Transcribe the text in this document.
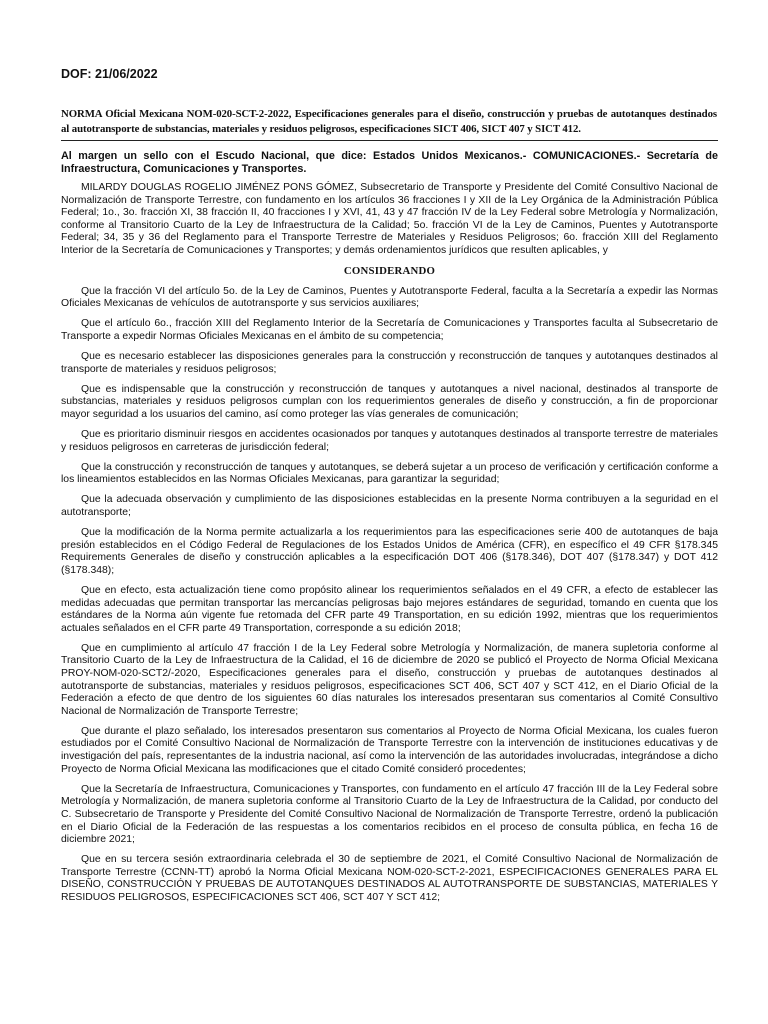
DOF: 21/06/2022
NORMA Oficial Mexicana NOM-020-SCT-2-2022, Especificaciones generales para el diseño, construcción y pruebas de autotanques destinados al autotransporte de substancias, materiales y residuos peligrosos, especificaciones SICT 406, SICT 407 y SICT 412.

Al margen un sello con el Escudo Nacional, que dice: Estados Unidos Mexicanos.- COMUNICACIONES.- Secretaría de Infraestructura, Comunicaciones y Transportes.

MILARDY DOUGLAS ROGELIO JIMÉNEZ PONS GÓMEZ, Subsecretario de Transporte y Presidente del Comité Consultivo Nacional de Normalización de Transporte Terrestre, con fundamento en los artículos 36 fracciones I y XII de la Ley Orgánica de la Administración Pública Federal; 1o., 3o. fracción XI, 38 fracción II, 40 fracciones I y XVI, 41, 43 y 47 fracción IV de la Ley Federal sobre Metrología y Normalización, conforme al Transitorio Cuarto de la Ley de Infraestructura de la Calidad; 5o. fracción VI de la Ley de Caminos, Puentes y Autotransporte Federal; 34, 35 y 36 del Reglamento para el Transporte Terrestre de Materiales y Residuos Peligrosos; 6o. fracción XIII del Reglamento Interior de la Secretaría de Comunicaciones y Transportes; y demás ordenamientos jurídicos que resulten aplicables, y

CONSIDERANDO

Que la fracción VI del artículo 5o. de la Ley de Caminos, Puentes y Autotransporte Federal, faculta a la Secretaría a expedir las Normas Oficiales Mexicanas de vehículos de autotransporte y sus servicios auxiliares;

Que el artículo 6o., fracción XIII del Reglamento Interior de la Secretaría de Comunicaciones y Transportes faculta al Subsecretario de Transporte a expedir Normas Oficiales Mexicanas en el ámbito de su competencia;

Que es necesario establecer las disposiciones generales para la construcción y reconstrucción de tanques y autotanques destinados al transporte de materiales y residuos peligrosos;

Que es indispensable que la construcción y reconstrucción de tanques y autotanques a nivel nacional, destinados al transporte de substancias, materiales y residuos peligrosos cumplan con los requerimientos generales de diseño y construcción, a fin de proporcionar mayor seguridad a los usuarios del camino, así como proteger las vías generales de comunicación;

Que es prioritario disminuir riesgos en accidentes ocasionados por tanques y autotanques destinados al transporte terrestre de materiales y residuos peligrosos en carreteras de jurisdicción federal;

Que la construcción y reconstrucción de tanques y autotanques, se deberá sujetar a un proceso de verificación y certificación conforme a los lineamientos establecidos en las Normas Oficiales Mexicanas, para garantizar la seguridad;

Que la adecuada observación y cumplimiento de las disposiciones establecidas en la presente Norma contribuyen a la seguridad en el autotransporte;

Que la modificación de la Norma permite actualizarla a los requerimientos para las especificaciones serie 400 de autotanques de baja presión establecidos en el Código Federal de Regulaciones de los Estados Unidos de América (CFR), en específico el 49 CFR §178.345 Requirements Generales de diseño y construcción aplicables a la especificación DOT 406 (§178.346), DOT 407 (§178.347) y DOT 412 (§178.348);

Que en efecto, esta actualización tiene como propósito alinear los requerimientos señalados en el 49 CFR, a efecto de establecer las medidas adecuadas que permitan transportar las mercancías peligrosas bajo mejores estándares de seguridad, tomando en cuenta que los estándares de la Norma aún vigente fue retomada del CFR parte 49 Transportation, en su edición 1992, mientras que los requerimientos actuales señalados en el CFR parte 49 Transportation, corresponde a su edición 2018;

Que en cumplimiento al artículo 47 fracción I de la Ley Federal sobre Metrología y Normalización, de manera supletoria conforme al Transitorio Cuarto de la Ley de Infraestructura de la Calidad, el 16 de diciembre de 2020 se publicó el Proyecto de Norma Oficial Mexicana PROY-NOM-020-SCT2/-2020, Especificaciones generales para el diseño, construcción y pruebas de autotanques destinados al autotransporte de substancias, materiales y residuos peligrosos, especificaciones SCT 406, SCT 407 y SCT 412, en el Diario Oficial de la Federación a efecto de que dentro de los siguientes 60 días naturales los interesados presentaran sus comentarios al Comité Consultivo Nacional de Normalización de Transporte Terrestre;

Que durante el plazo señalado, los interesados presentaron sus comentarios al Proyecto de Norma Oficial Mexicana, los cuales fueron estudiados por el Comité Consultivo Nacional de Normalización de Transporte Terrestre con la intervención de instituciones educativas y de investigación del país, representantes de la industria nacional, así como la intervención de las autoridades involucradas, integrándose a dicho Proyecto de Norma Oficial Mexicana las modificaciones que el citado Comité consideró procedentes;

Que la Secretaría de Infraestructura, Comunicaciones y Transportes, con fundamento en el artículo 47 fracción III de la Ley Federal sobre Metrología y Normalización, de manera supletoria conforme al Transitorio Cuarto de la Ley de Infraestructura de la Calidad, por conducto del C. Subsecretario de Transporte y Presidente del Comité Consultivo Nacional de Normalización de Transporte Terrestre, ordenó la publicación en el Diario Oficial de la Federación de las respuestas a los comentarios recibidos en el proceso de consulta pública, en fecha 16 de diciembre 2021;

Que en su tercera sesión extraordinaria celebrada el 30 de septiembre de 2021, el Comité Consultivo Nacional de Normalización de Transporte Terrestre (CCNN-TT) aprobó la Norma Oficial Mexicana NOM-020-SCT-2-2021, ESPECIFICACIONES GENERALES PARA EL DISEÑO, CONSTRUCCIÓN Y PRUEBAS DE AUTOTANQUES DESTINADOS AL AUTOTRANSPORTE DE SUBSTANCIAS, MATERIALES Y RESIDUOS PELIGROSOS, ESPECIFICACIONES SCT 406, SCT 407 Y SCT 412;
